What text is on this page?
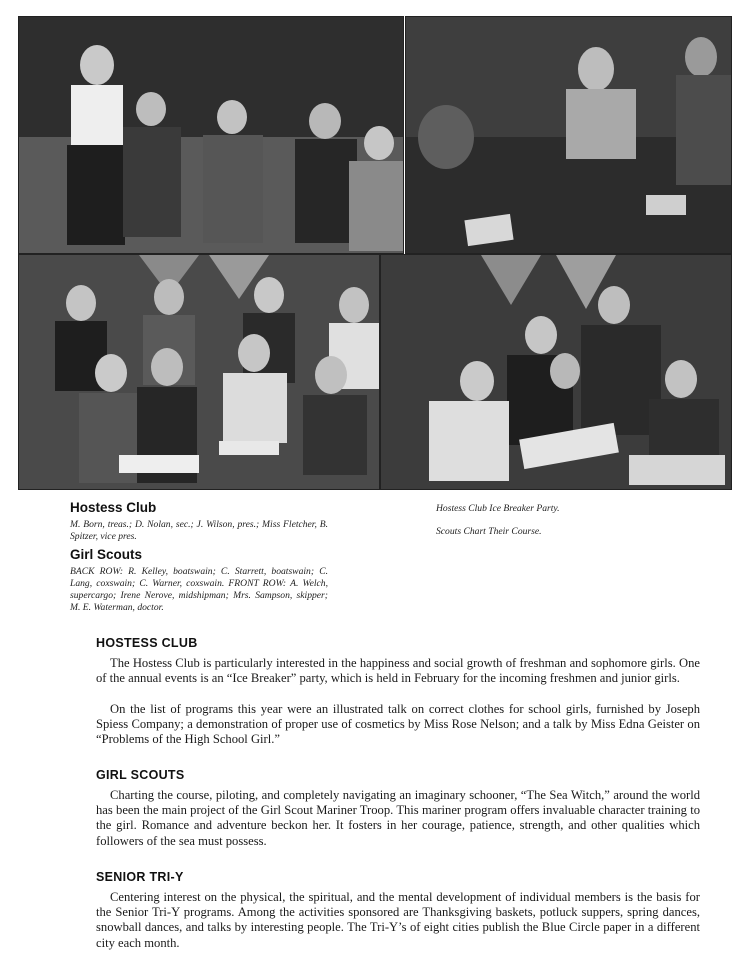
Hostess Club
M. Born, treas.; D. Nolan, sec.; J. Wilson, pres.; Miss Fletcher, B. Spitzer, vice pres.
Girl Scouts
BACK ROW: R. Kelley, boatswain; C. Starrett, boatswain; C. Lang, coxswain; C. Warner, coxswain. FRONT ROW: A. Welch, supercargo; Irene Nerove, midshipman; Mrs. Sampson, skipper; M. E. Waterman, doctor.
Hostess Club Ice Breaker Party.
Scouts Chart Their Course.
HOSTESS CLUB

The Hostess Club is particularly interested in the happiness and social growth of freshman and sophomore girls. One of the annual events is an “Ice Breaker” party, which is held in February for the incoming freshmen and junior girls.

On the list of programs this year were an illustrated talk on correct clothes for school girls, furnished by Joseph Spiess Company; a demonstration of proper use of cosmetics by Miss Rose Nelson; and a talk by Miss Edna Geister on “Problems of the High School Girl.”

GIRL SCOUTS

Charting the course, piloting, and completely navigating an imaginary schooner, “The Sea Witch,” around the world has been the main project of the Girl Scout Mariner Troop. This mariner program offers invaluable character training to the girl. Romance and adventure beckon her. It fosters in her courage, patience, strength, and other qualities which followers of the sea must possess.

SENIOR TRI-Y

Centering interest on the physical, the spiritual, and the mental development of individual members is the basis for the Senior Tri-Y programs. Among the activities sponsored are Thanksgiving baskets, potluck suppers, spring dances, snowball dances, and talks by interesting people. The Tri-Y’s of eight cities publish the Blue Circle paper in a different city each month.
